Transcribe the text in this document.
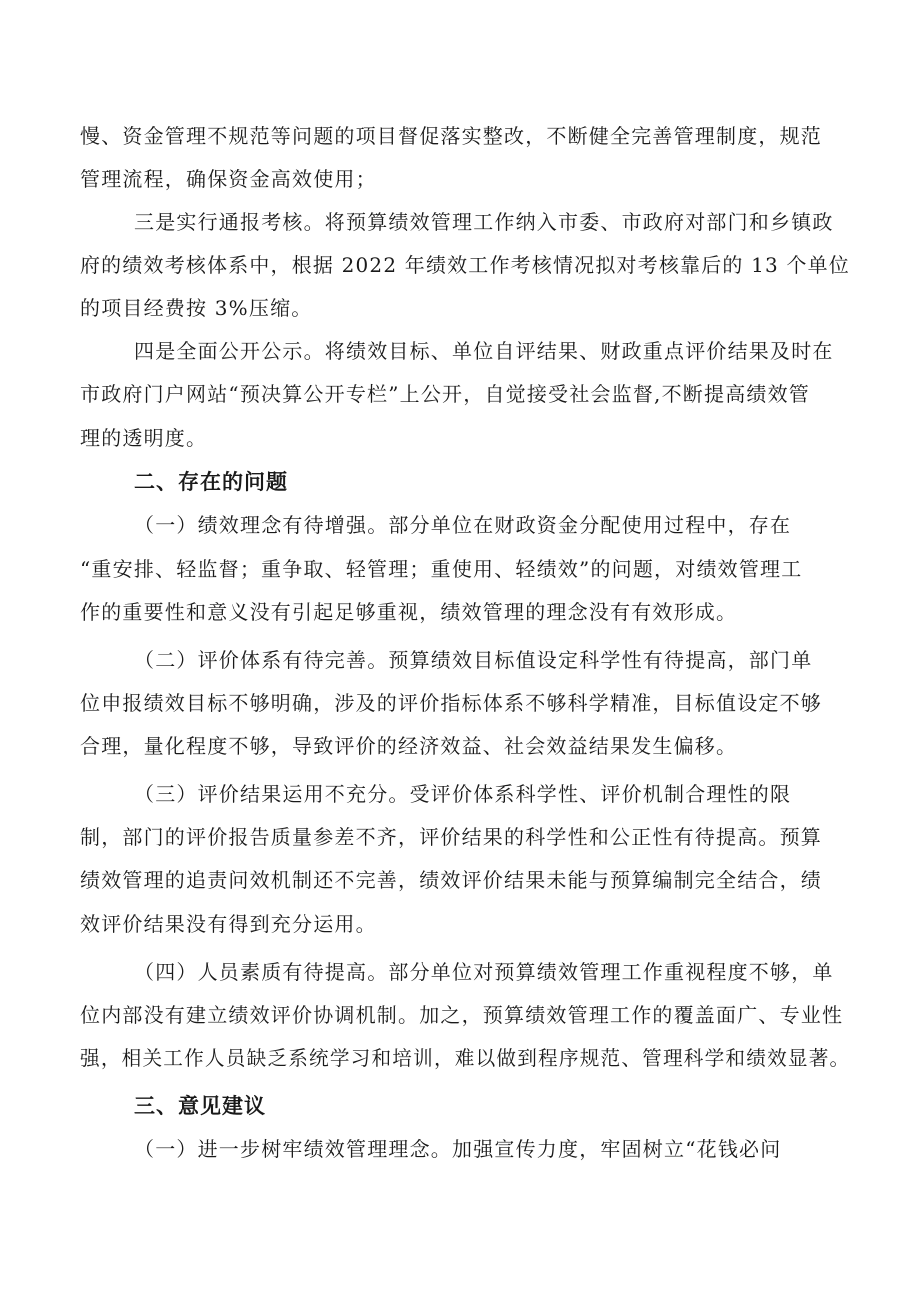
慢、资金管理不规范等问题的项目督促落实整改，不断健全完善管理制度，规范
管理流程，确保资金高效使用；
三是实行通报考核。将预算绩效管理工作纳入市委、市政府对部门和乡镇政
府的绩效考核体系中，根据 2022 年绩效工作考核情况拟对考核靠后的 13 个单位
的项目经费按 3%压缩。
四是全面公开公示。将绩效目标、单位自评结果、财政重点评价结果及时在
市政府门户网站“预决算公开专栏”上公开，自觉接受社会监督,不断提高绩效管
理的透明度。
二、存在的问题
（一）绩效理念有待增强。部分单位在财政资金分配使用过程中，存在
“重安排、轻监督；重争取、轻管理；重使用、轻绩效”的问题，对绩效管理工
作的重要性和意义没有引起足够重视，绩效管理的理念没有有效形成。
（二）评价体系有待完善。预算绩效目标值设定科学性有待提高，部门单
位申报绩效目标不够明确，涉及的评价指标体系不够科学精准，目标值设定不够
合理，量化程度不够，导致评价的经济效益、社会效益结果发生偏移。
（三）评价结果运用不充分。受评价体系科学性、评价机制合理性的限
制，部门的评价报告质量参差不齐，评价结果的科学性和公正性有待提高。预算
绩效管理的追责问效机制还不完善，绩效评价结果未能与预算编制完全结合，绩
效评价结果没有得到充分运用。
（四）人员素质有待提高。部分单位对预算绩效管理工作重视程度不够，单
位内部没有建立绩效评价协调机制。加之，预算绩效管理工作的覆盖面广、专业性
强，相关工作人员缺乏系统学习和培训，难以做到程序规范、管理科学和绩效显著。
三、意见建议
（一）进一步树牢绩效管理理念。加强宣传力度，牢固树立“花钱必问
